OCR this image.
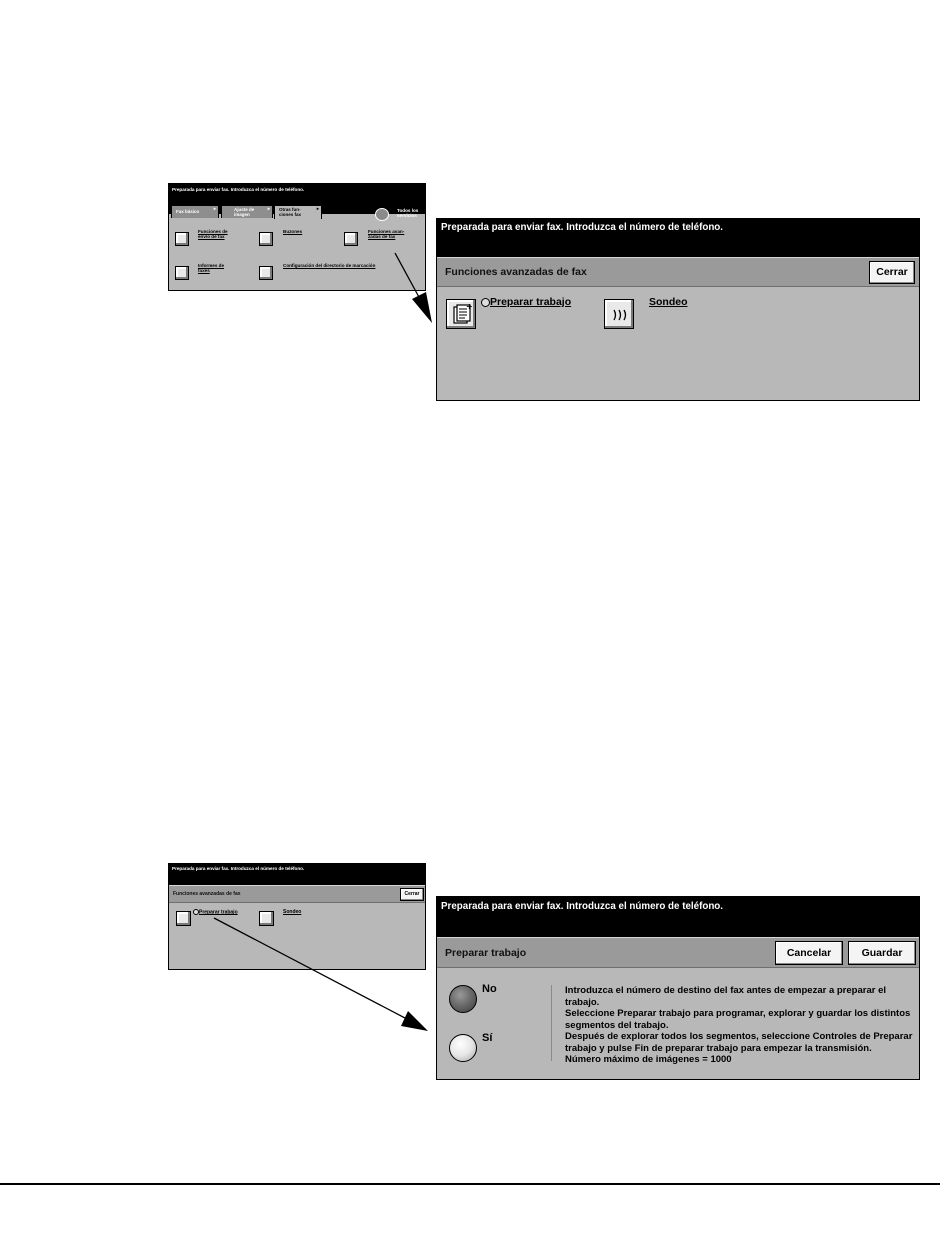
Preparada para enviar fax. Introduzca el número de teléfono.
Fax básico
▸	Ajuste de imagen
▸ Otras fun- ciones fax
▸	Todos los servicios
Funciones de envío de fax
Buzones	Funciones avan- zadas de fax
Informes de faxes
Configuración del directorio de marcación
Preparada para enviar fax. Introduzca el número de teléfono.
Funciones avanzadas de fax	Cerrar
+	Preparar trabajo	Sondeo
Preparada para enviar fax. Introduzca el número de teléfono.
Funciones avanzadas de fax	Cerrar
Preparar trabajo	Sondeo	Preparada para enviar fax. Introduzca el número de teléfono.
Preparar trabajo	Cancelar	Guardar
No
Sí
Introduzca el número de destino del fax antes de empezar a preparar el
trabajo.
Seleccione Preparar trabajo para programar, explorar y guardar los distintos
segmentos del trabajo.
Después de explorar todos los segmentos, seleccione Controles de Preparar
trabajo y pulse Fin de preparar trabajo para empezar la transmisión.
Número máximo de imágenes = 1000
